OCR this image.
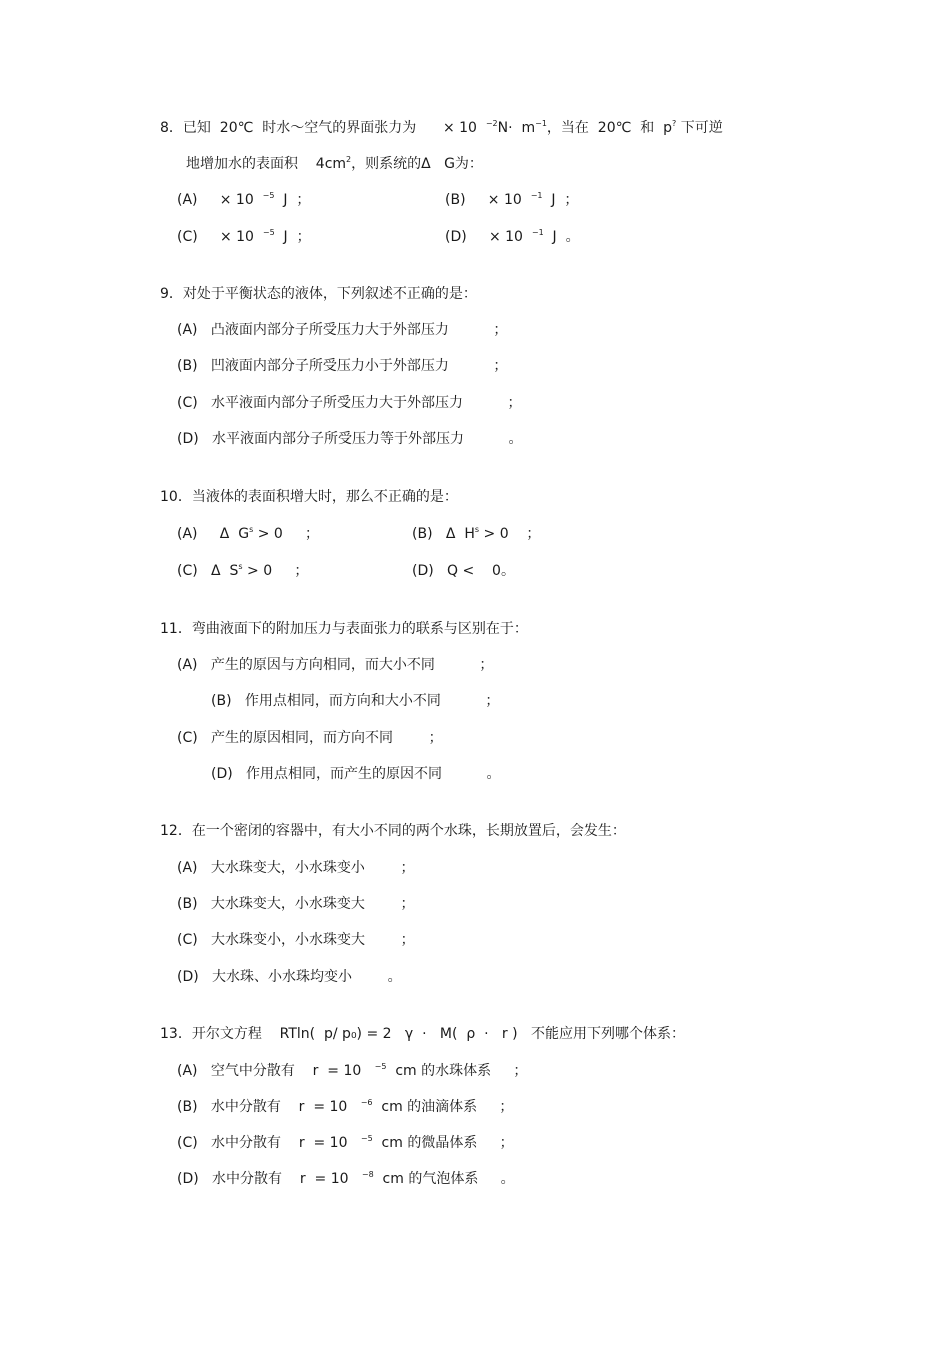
8．已知  20℃  时水～空气的界面张力为      × 10  $^{-2}N\cdot m^{-1}$，当在  20℃  和  p? 下可逆
地增加水的表面积    $4cm^2$，则系统的Δ   G为：
(A)     × 10  $^{-5}$  J  ；	(B)     × 10  $^{-1}$  J  ；
(C)     × 10  $^{-5}$  J  ；	(D)     × 10  $^{-1}$  J  。
9．对处于平衡状态的液体，下列叙述不正确的是：
(A)   凸液面内部分子所受压力大于外部压力          ；
(B)   凹液面内部分子所受压力小于外部压力          ；
(C)   水平液面内部分子所受压力大于外部压力          ；
(D)   水平液面内部分子所受压力等于外部压力          。
10．当液体的表面积增大时，那么不正确的是：
(A)     Δ  $G^s > 0$     ；	(B)   Δ  $H^s > 0$    ；
(C)   Δ  $S^s > 0$     ；	(D)   Q <    0。
11．弯曲液面下的附加压力与表面张力的联系与区别在于：
(A)   产生的原因与方向相同，而大小不同          ；
(B)   作用点相同，而方向和大小不同          ；
(C)   产生的原因相同，而方向不同        ；
(D)   作用点相同，而产生的原因不同          。
12．在一个密闭的容器中，有大小不同的两个水珠，长期放置后，会发生：
(A)   大水珠变大，小水珠变小        ；
(B)   大水珠变大，小水珠变大        ；
(C)   大水珠变小，小水珠变大        ；
(D)   大水珠、小水珠均变小        。
13．开尔文方程    RTln(  p/ p₀) = 2   γ  ·   M(  ρ  ·   r )   不能应用下列哪个体系：
(A)   空气中分散有    r  = 10   $^{-5}$  cm 的水珠体系     ；
(B)   水中分散有    r  = 10   $^{-6}$  cm 的油滴体系     ；
(C)   水中分散有    r  = 10   $^{-5}$  cm 的微晶体系     ；
(D)   水中分散有    r  = 10   $^{-8}$  cm 的气泡体系     。
